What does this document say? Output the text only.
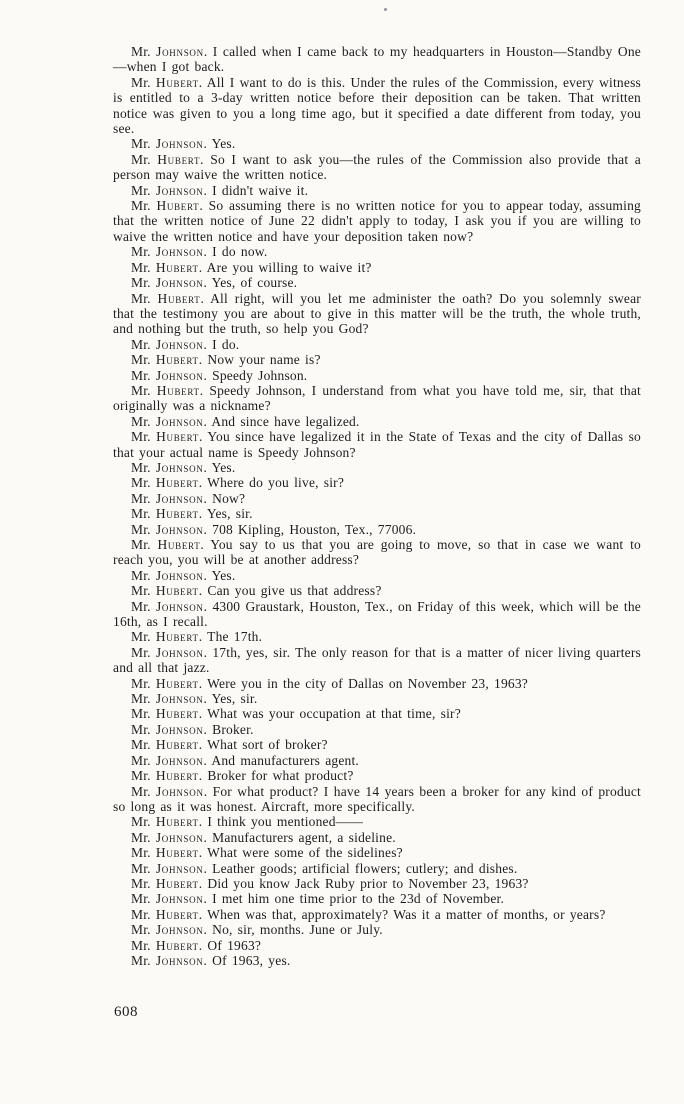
Mr. Johnson. I called when I came back to my headquarters in Houston—Standby One—when I got back.

Mr. Hubert. All I want to do is this. Under the rules of the Commission, every witness is entitled to a 3-day written notice before their deposition can be taken. That written notice was given to you a long time ago, but it specified a date different from today, you see.

Mr. Johnson. Yes.

Mr. Hubert. So I want to ask you—the rules of the Commission also provide that a person may waive the written notice.

Mr. Johnson. I didn't waive it.

Mr. Hubert. So assuming there is no written notice for you to appear today, assuming that the written notice of June 22 didn't apply to today, I ask you if you are willing to waive the written notice and have your deposition taken now?

Mr. Johnson. I do now.

Mr. Hubert. Are you willing to waive it?

Mr. Johnson. Yes, of course.

Mr. Hubert. All right, will you let me administer the oath? Do you solemnly swear that the testimony you are about to give in this matter will be the truth, the whole truth, and nothing but the truth, so help you God?

Mr. Johnson. I do.

Mr. Hubert. Now your name is?

Mr. Johnson. Speedy Johnson.

Mr. Hubert. Speedy Johnson, I understand from what you have told me, sir, that that originally was a nickname?

Mr. Johnson. And since have legalized.

Mr. Hubert. You since have legalized it in the State of Texas and the city of Dallas so that your actual name is Speedy Johnson?

Mr. Johnson. Yes.

Mr. Hubert. Where do you live, sir?

Mr. Johnson. Now?

Mr. Hubert. Yes, sir.

Mr. Johnson. 708 Kipling, Houston, Tex., 77006.

Mr. Hubert. You say to us that you are going to move, so that in case we want to reach you, you will be at another address?

Mr. Johnson. Yes.

Mr. Hubert. Can you give us that address?

Mr. Johnson. 4300 Graustark, Houston, Tex., on Friday of this week, which will be the 16th, as I recall.

Mr. Hubert. The 17th.

Mr. Johnson. 17th, yes, sir. The only reason for that is a matter of nicer living quarters and all that jazz.

Mr. Hubert. Were you in the city of Dallas on November 23, 1963?

Mr. Johnson. Yes, sir.

Mr. Hubert. What was your occupation at that time, sir?

Mr. Johnson. Broker.

Mr. Hubert. What sort of broker?

Mr. Johnson. And manufacturers agent.

Mr. Hubert. Broker for what product?

Mr. Johnson. For what product? I have 14 years been a broker for any kind of product so long as it was honest. Aircraft, more specifically.

Mr. Hubert. I think you mentioned——

Mr. Johnson. Manufacturers agent, a sideline.

Mr. Hubert. What were some of the sidelines?

Mr. Johnson. Leather goods; artificial flowers; cutlery; and dishes.

Mr. Hubert. Did you know Jack Ruby prior to November 23, 1963?

Mr. Johnson. I met him one time prior to the 23d of November.

Mr. Hubert. When was that, approximately? Was it a matter of months, or years?

Mr. Johnson. No, sir, months. June or July.

Mr. Hubert. Of 1963?

Mr. Johnson. Of 1963, yes.

608
